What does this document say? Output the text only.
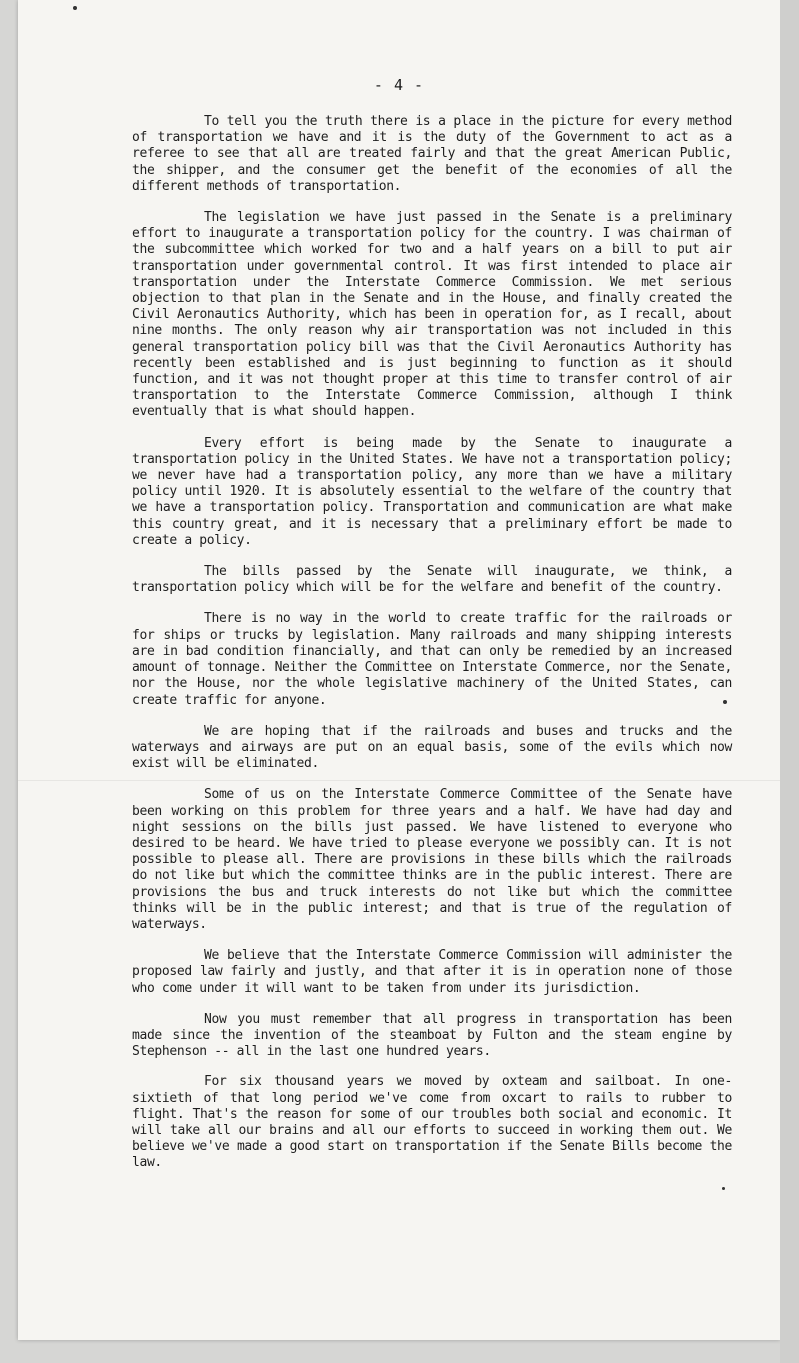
- 4 -

To tell you the truth there is a place in the picture for every method of transportation we have and it is the duty of the Government to act as a referee to see that all are treated fairly and that the great American Public, the shipper, and the consumer get the benefit of the economies of all the different methods of transportation.

The legislation we have just passed in the Senate is a preliminary effort to inaugurate a transportation policy for the country. I was chairman of the subcommittee which worked for two and a half years on a bill to put air transportation under governmental control. It was first intended to place air transportation under the Interstate Commerce Commission. We met serious objection to that plan in the Senate and in the House, and finally created the Civil Aeronautics Authority, which has been in operation for, as I recall, about nine months. The only reason why air transportation was not included in this general transportation policy bill was that the Civil Aeronautics Authority has recently been established and is just beginning to function as it should function, and it was not thought proper at this time to transfer control of air transportation to the Interstate Commerce Commission, although I think eventually that is what should happen.

Every effort is being made by the Senate to inaugurate a transportation policy in the United States. We have not a transportation policy; we never have had a transportation policy, any more than we have a military policy until 1920. It is absolutely essential to the welfare of the country that we have a transportation policy. Transportation and communication are what make this country great, and it is necessary that a preliminary effort be made to create a policy.

The bills passed by the Senate will inaugurate, we think, a transportation policy which will be for the welfare and benefit of the country.

There is no way in the world to create traffic for the railroads or for ships or trucks by legislation. Many railroads and many shipping interests are in bad condition financially, and that can only be remedied by an increased amount of tonnage. Neither the Committee on Interstate Commerce, nor the Senate, nor the House, nor the whole legislative machinery of the United States, can create traffic for anyone.

We are hoping that if the railroads and buses and trucks and the waterways and airways are put on an equal basis, some of the evils which now exist will be eliminated.

Some of us on the Interstate Commerce Committee of the Senate have been working on this problem for three years and a half. We have had day and night sessions on the bills just passed. We have listened to everyone who desired to be heard. We have tried to please everyone we possibly can. It is not possible to please all. There are provisions in these bills which the railroads do not like but which the committee thinks are in the public interest. There are provisions the bus and truck interests do not like but which the committee thinks will be in the public interest; and that is true of the regulation of waterways.

We believe that the Interstate Commerce Commission will administer the proposed law fairly and justly, and that after it is in operation none of those who come under it will want to be taken from under its jurisdiction.

Now you must remember that all progress in transportation has been made since the invention of the steamboat by Fulton and the steam engine by Stephenson -- all in the last one hundred years.

For six thousand years we moved by oxteam and sailboat. In one-sixtieth of that long period we've come from oxcart to rails to rubber to flight. That's the reason for some of our troubles both social and economic. It will take all our brains and all our efforts to succeed in working them out. We believe we've made a good start on transportation if the Senate Bills become the law.
